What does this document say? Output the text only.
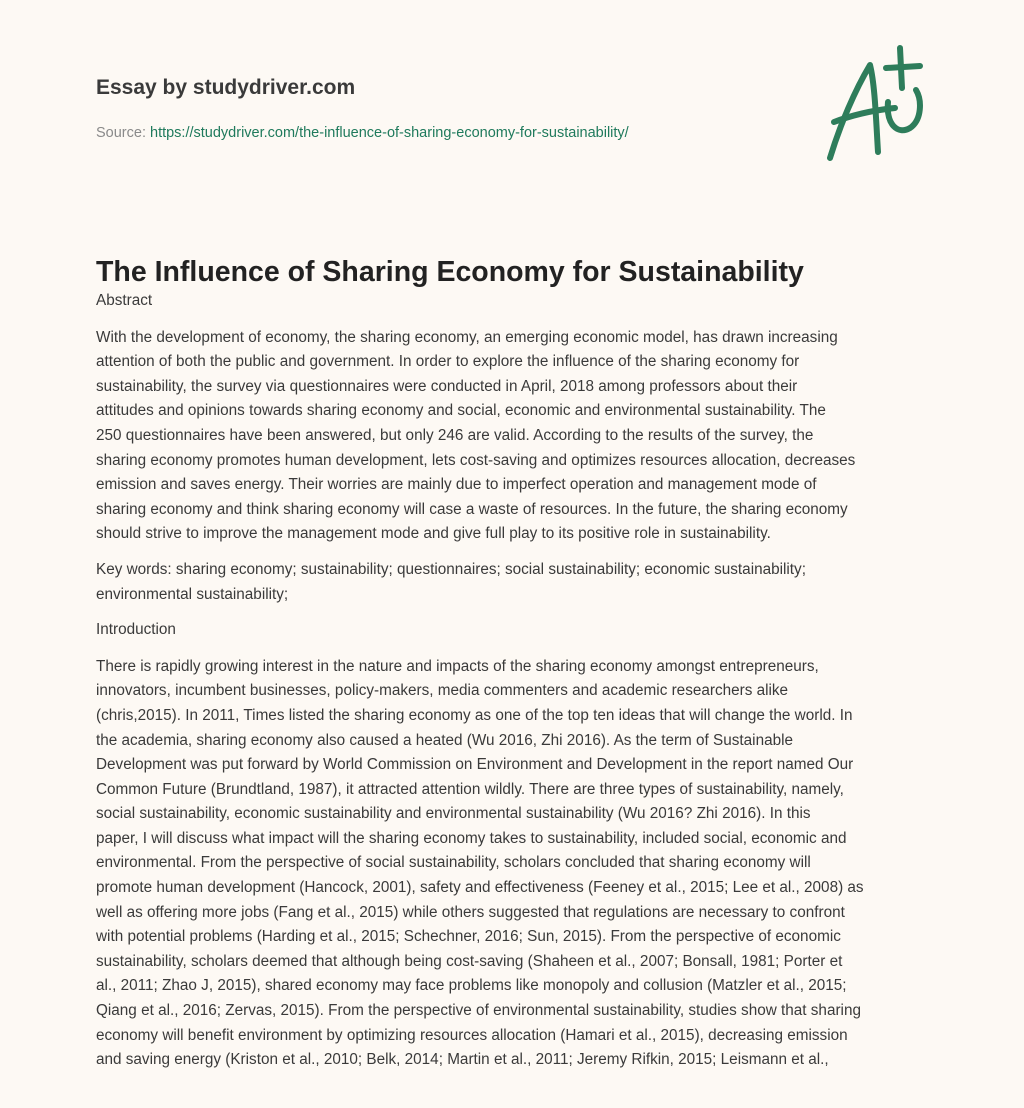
Essay by studydriver.com
Source: https://studydriver.com/the-influence-of-sharing-economy-for-sustainability/
The Influence of Sharing Economy for Sustainability

Abstract

With the development of economy, the sharing economy, an emerging economic model, has drawn increasing
attention of both the public and government. In order to explore the influence of the sharing economy for
sustainability, the survey via questionnaires were conducted in April, 2018 among professors about their
attitudes and opinions towards sharing economy and social, economic and environmental sustainability. The
250 questionnaires have been answered, but only 246 are valid. According to the results of the survey, the
sharing economy promotes human development, lets cost-saving and optimizes resources allocation, decreases
emission and saves energy. Their worries are mainly due to imperfect operation and management mode of
sharing economy and think sharing economy will case a waste of resources. In the future, the sharing economy
should strive to improve the management mode and give full play to its positive role in sustainability.

Key words: sharing economy; sustainability; questionnaires; social sustainability; economic sustainability;
environmental sustainability;

Introduction

There is rapidly growing interest in the nature and impacts of the sharing economy amongst entrepreneurs,
innovators, incumbent businesses, policy-makers, media commenters and academic researchers alike
(chris,2015). In 2011, Times listed the sharing economy as one of the top ten ideas that will change the world. In
the academia, sharing economy also caused a heated (Wu 2016, Zhi 2016). As the term of Sustainable
Development was put forward by World Commission on Environment and Development in the report named Our
Common Future (Brundtland, 1987), it attracted attention wildly. There are three types of sustainability, namely,
social sustainability, economic sustainability and environmental sustainability (Wu 2016? Zhi 2016). In this
paper, I will discuss what impact will the sharing economy takes to sustainability, included social, economic and
environmental. From the perspective of social sustainability, scholars concluded that sharing economy will
promote human development (Hancock, 2001), safety and effectiveness (Feeney et al., 2015; Lee et al., 2008) as
well as offering more jobs (Fang et al., 2015) while others suggested that regulations are necessary to confront
with potential problems (Harding et al., 2015; Schechner, 2016; Sun, 2015). From the perspective of economic
sustainability, scholars deemed that although being cost-saving (Shaheen et al., 2007; Bonsall, 1981; Porter et
al., 2011; Zhao J, 2015), shared economy may face problems like monopoly and collusion (Matzler et al., 2015;
Qiang et al., 2016; Zervas, 2015). From the perspective of environmental sustainability, studies show that sharing
economy will benefit environment by optimizing resources allocation (Hamari et al., 2015), decreasing emission
and saving energy (Kriston et al., 2010; Belk, 2014; Martin et al., 2011; Jeremy Rifkin, 2015; Leismann et al.,
